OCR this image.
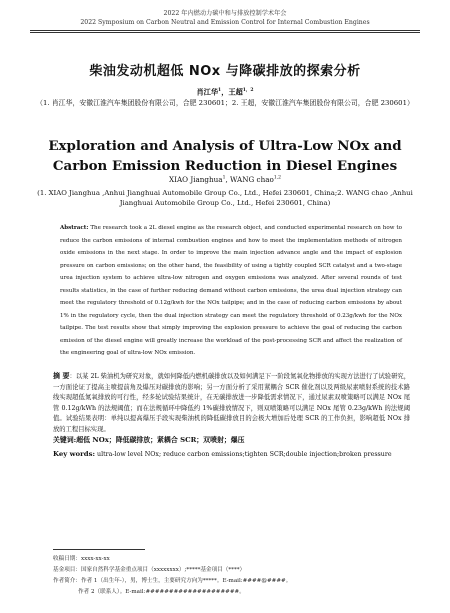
2022 年内燃动力碳中和与排放控制学术年会
2022 Symposium on Carbon Neutral and Emission Control for Internal Combustion Engines
柴油发动机超低 NOx 与降碳排放的探索分析
肖江华$^1$，王超$^{1,2}$
（1. 肖江华，安徽江淮汽车集团股份有限公司，合肥 230601；2. 王超，安徽江淮汽车集团股份有限公司，合肥 230601）
Exploration and Analysis of Ultra-Low NOx and
Carbon Emission Reduction in Diesel Engines
XIAO Jianghua$^1$, WANG chao$^{1,2}$
(1. XIAO Jianghua ,Anhui Jianghuai Automobile Group Co., Ltd., Hefei 230601, China;2. WANG chao ,Anhui Jianghuai Automobile Group Co., Ltd., Hefei 230601, China)
Abstract: The research took a 2L diesel engine as the research object, and conducted experimental research on how to reduce the carbon emissions of internal combustion engines and how to meet the implementation methods of nitrogen oxide emissions in the next stage. In order to improve the main injection advance angle and the impact of explosion pressure on carbon emissions; on the other hand, the feasibility of using a tightly coupled SCR catalyst and a two-stage urea injection system to achieve ultra-low nitrogen and oxygen emissions was analyzed. After several rounds of test results statistics, in the case of further reducing demand without carbon emissions, the urea dual injection strategy can meet the regulatory threshold of 0.12g/kwh for the NOx tailpipe; and in the case of reducing carbon emissions by about 1% in the regulatory cycle, then the dual injection strategy can meet the regulatory threshold of 0.23g/kwh for the NOx tailpipe. The test results show that simply improving the explosion pressure to achieve the goal of reducing the carbon emission of the diesel engine will greatly increase the workload of the post-processing SCR and affect the realization of the engineering goal of ultra-low NOx emission.
摘 要：以某 2L 柴油机为研究对象，就如何降低内燃机碳排放以及如何满足下一阶段氮氧化物排放的实现方法进行了试验研究，一方面论证了提高主喷提前角及爆压对碳排放的影响；另一方面分析了采用紧耦合 SCR 催化剂以及两级尿素喷射系统的技术路线实现超低氮氧排放的可行性，经多轮试验结果统计，在无碳排放进一步降低需求情况下，通过尿素双喷策略可以满足 NOx 尾管 0.12g/kWh 的法规阈值；而在法规循环中降低约 1%碳排放情况下，则双喷策略可以满足 NOx 尾管 0.23g/kWh 的法规阈值。试验结果表明：单纯以提高爆压手段实现柴油机的降低碳排放目的会极大增加后处理 SCR 的工作负担，影响超低 NOx 排放的工程目标实现。
关键词:超低 NOx；降低碳排放；紧耦合 SCR；双喷射；爆压
Key words: ultra-low level NOx; reduce carbon emissions;tighten SCR;double injection;broken pressure
收稿日期：xxxx-xx-xx
基金项目：国家自然科学基金重点项目（xxxxxxxx）;*****基金项目（****）
作者简介：作者 1（出生年-），男，博士生，主要研究方向为*****。E-mail:####@####。
作者 2（联系人）。E-mail:####################。
